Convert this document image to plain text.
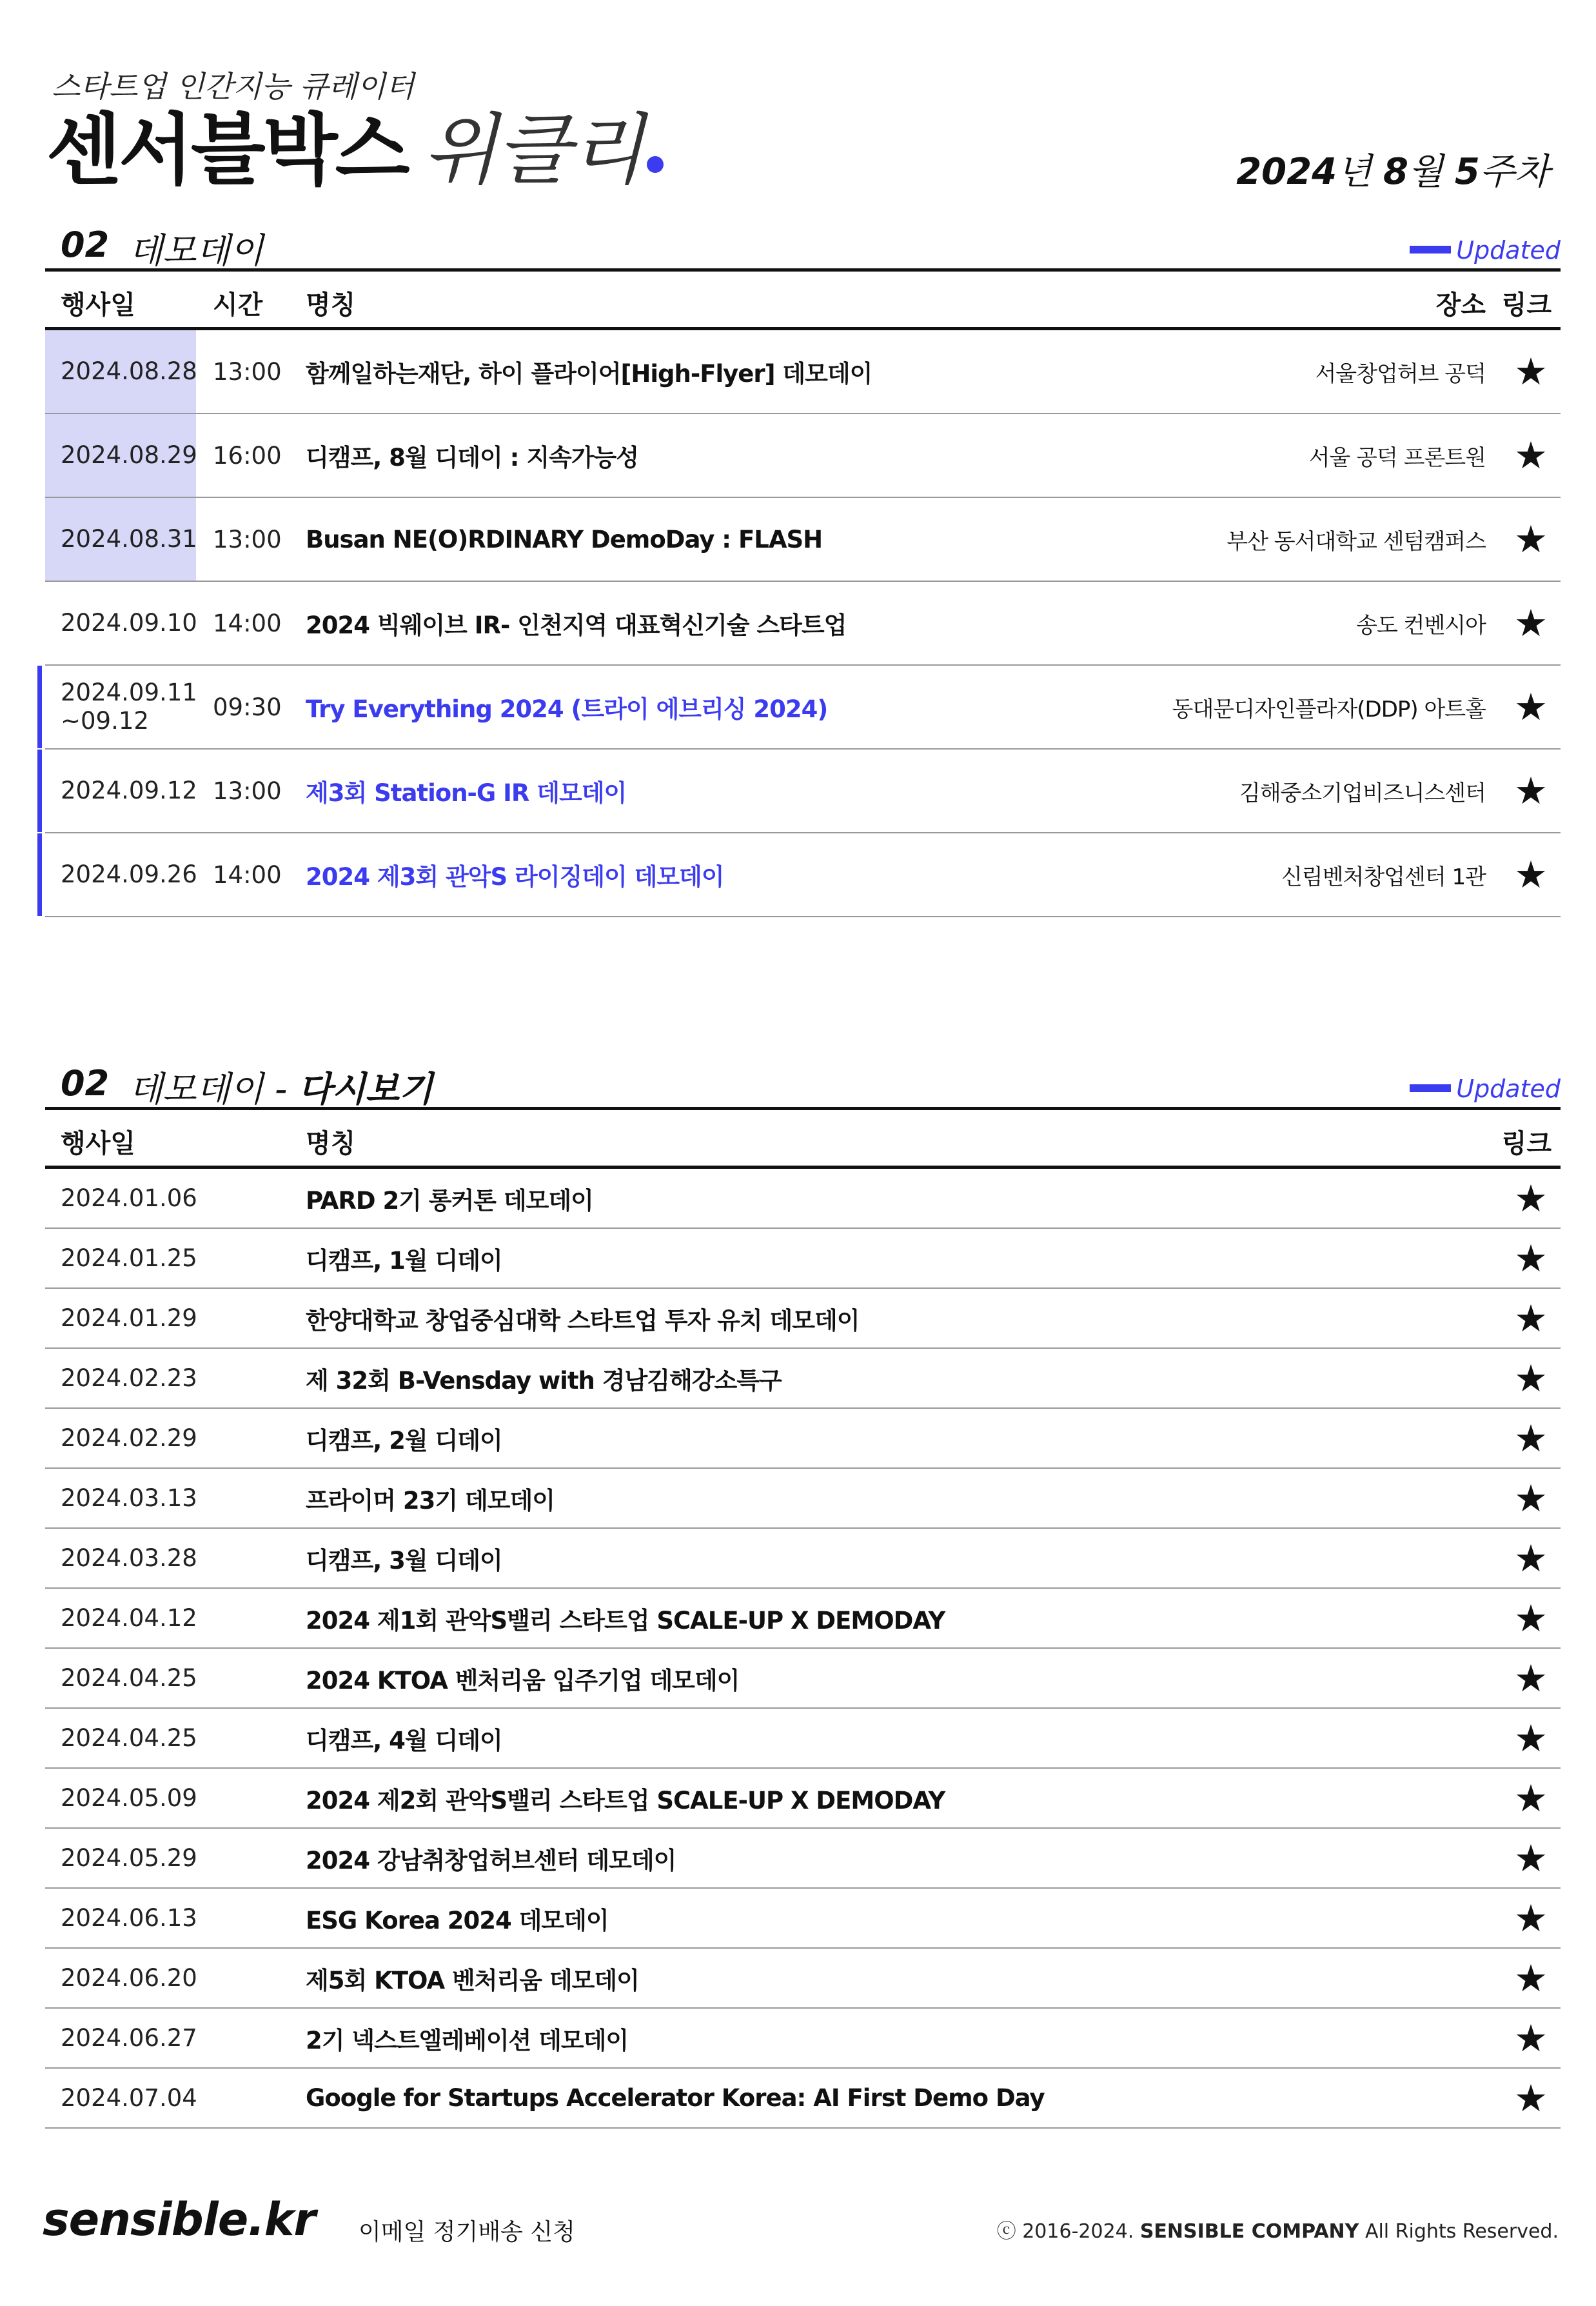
스타트업 인간지능 큐레이터
센서블박스 위클리	2024년 8월 5주차
02 데모데이	Updated
행사일	시간 명칭	장소 링크
2024.08.28 13:00 함께일하는재단, 하이 플라이어[High-Flyer] 데모데이	서울창업허브 공덕 ★
2024.08.29 16:00 디캠프, 8월 디데이 : 지속가능성	서울 공덕 프론트원 ★
2024.08.31 13:00 Busan NE(O)RDINARY DemoDay : FLASH	부산 동서대학교 센텀캠퍼스 ★
2024.09.10 14:00 2024 빅웨이브 IR- 인천지역 대표혁신기술 스타트업	송도 컨벤시아 ★
2024.09.11
~09.12	09:30 Try Everything 2024 (트라이 에브리싱 2024)	동대문디자인플라자(DDP) 아트홀 ★
2024.09.12 13:00 제3회 Station-G IR 데모데이	김해중소기업비즈니스센터 ★
2024.09.26 14:00 2024 제3회 관악S 라이징데이 데모데이	신림벤처창업센터 1관 ★
02 데모데이 - 다시보기	Updated
행사일	명칭	링크
2024.01.06	PARD 2기 롱커톤 데모데이	★
2024.01.25	디캠프, 1월 디데이	★
2024.01.29	한양대학교 창업중심대학 스타트업 투자 유치 데모데이	★
2024.02.23	제 32회 B-Vensday with 경남김해강소특구	★
2024.02.29	디캠프, 2월 디데이	★
2024.03.13	프라이머 23기 데모데이	★
2024.03.28	디캠프, 3월 디데이	★
2024.04.12	2024 제1회 관악S밸리 스타트업 SCALE-UP X DEMODAY	★
2024.04.25	2024 KTOA 벤처리움 입주기업 데모데이	★
2024.04.25	디캠프, 4월 디데이	★
2024.05.09	2024 제2회 관악S밸리 스타트업 SCALE-UP X DEMODAY	★
2024.05.29	2024 강남취창업허브센터 데모데이	★
2024.06.13	ESG Korea 2024 데모데이	★
2024.06.20	제5회 KTOA 벤처리움 데모데이	★
2024.06.27	2기 넥스트엘레베이션 데모데이	★
2024.07.04	Google for Startups Accelerator Korea: AI First Demo Day	★
sensible.kr 이메일 정기배송 신청	ⓒ 2016-2024. SENSIBLE COMPANY All Rights Reserved.
